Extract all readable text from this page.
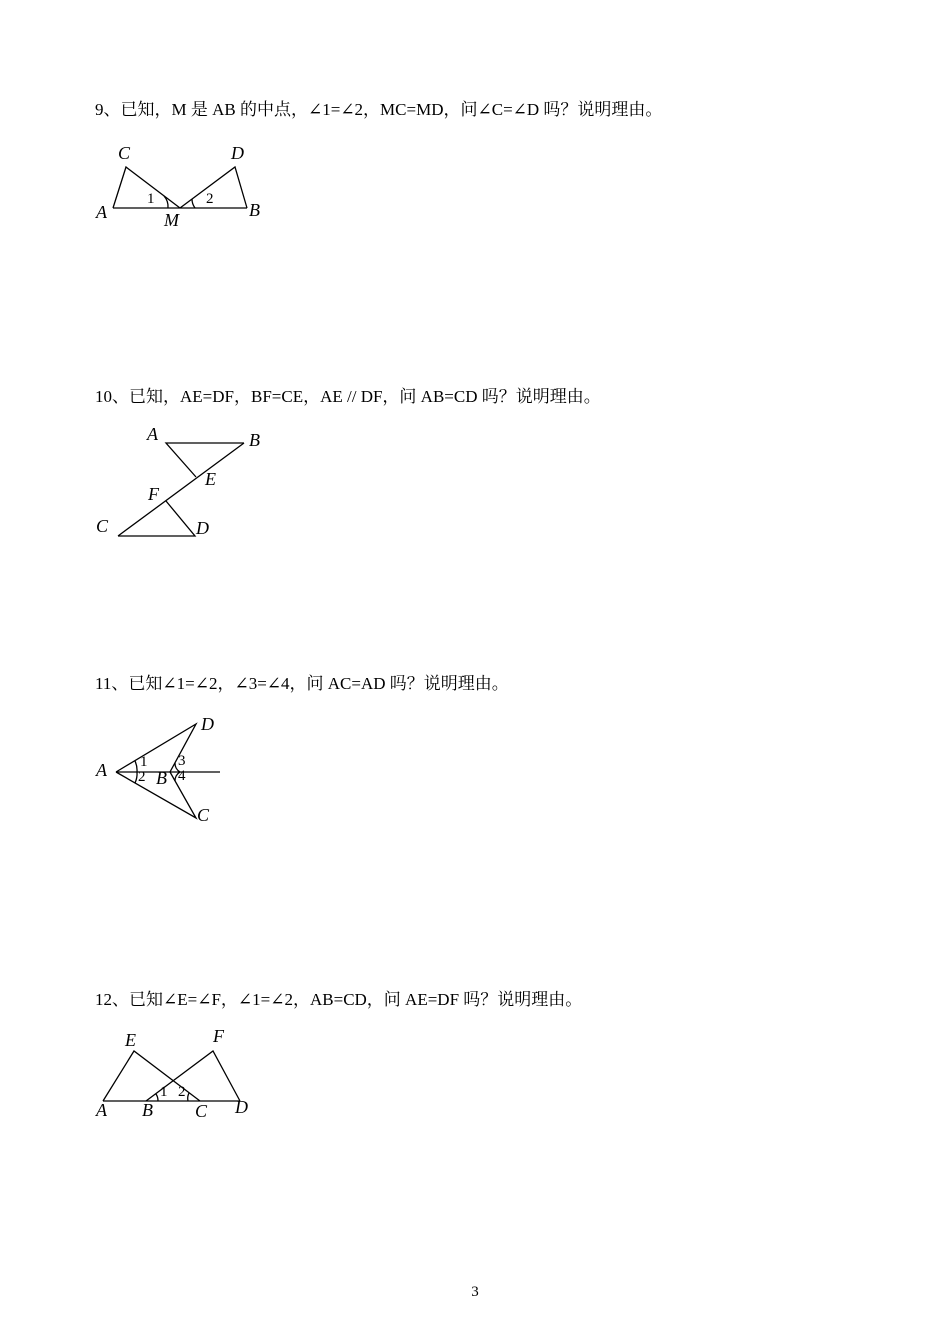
9、已知，M 是 AB 的中点，∠1=∠2，MC=MD，问∠C=∠D 吗？说明理由。
10、已知，AE=DF，BF=CE，AE // DF，问 AB=CD 吗？说明理由。
11、已知∠1=∠2，∠3=∠4，问 AC=AD 吗？说明理由。
12、已知∠E=∠F，∠1=∠2，AB=CD，问 AE=DF 吗？说明理由。
C	D
A	B
M
1	2
A	B
E
F
C	D
A	B
C
D
1
2
3
4
E	F
A B C D
1 2
3
